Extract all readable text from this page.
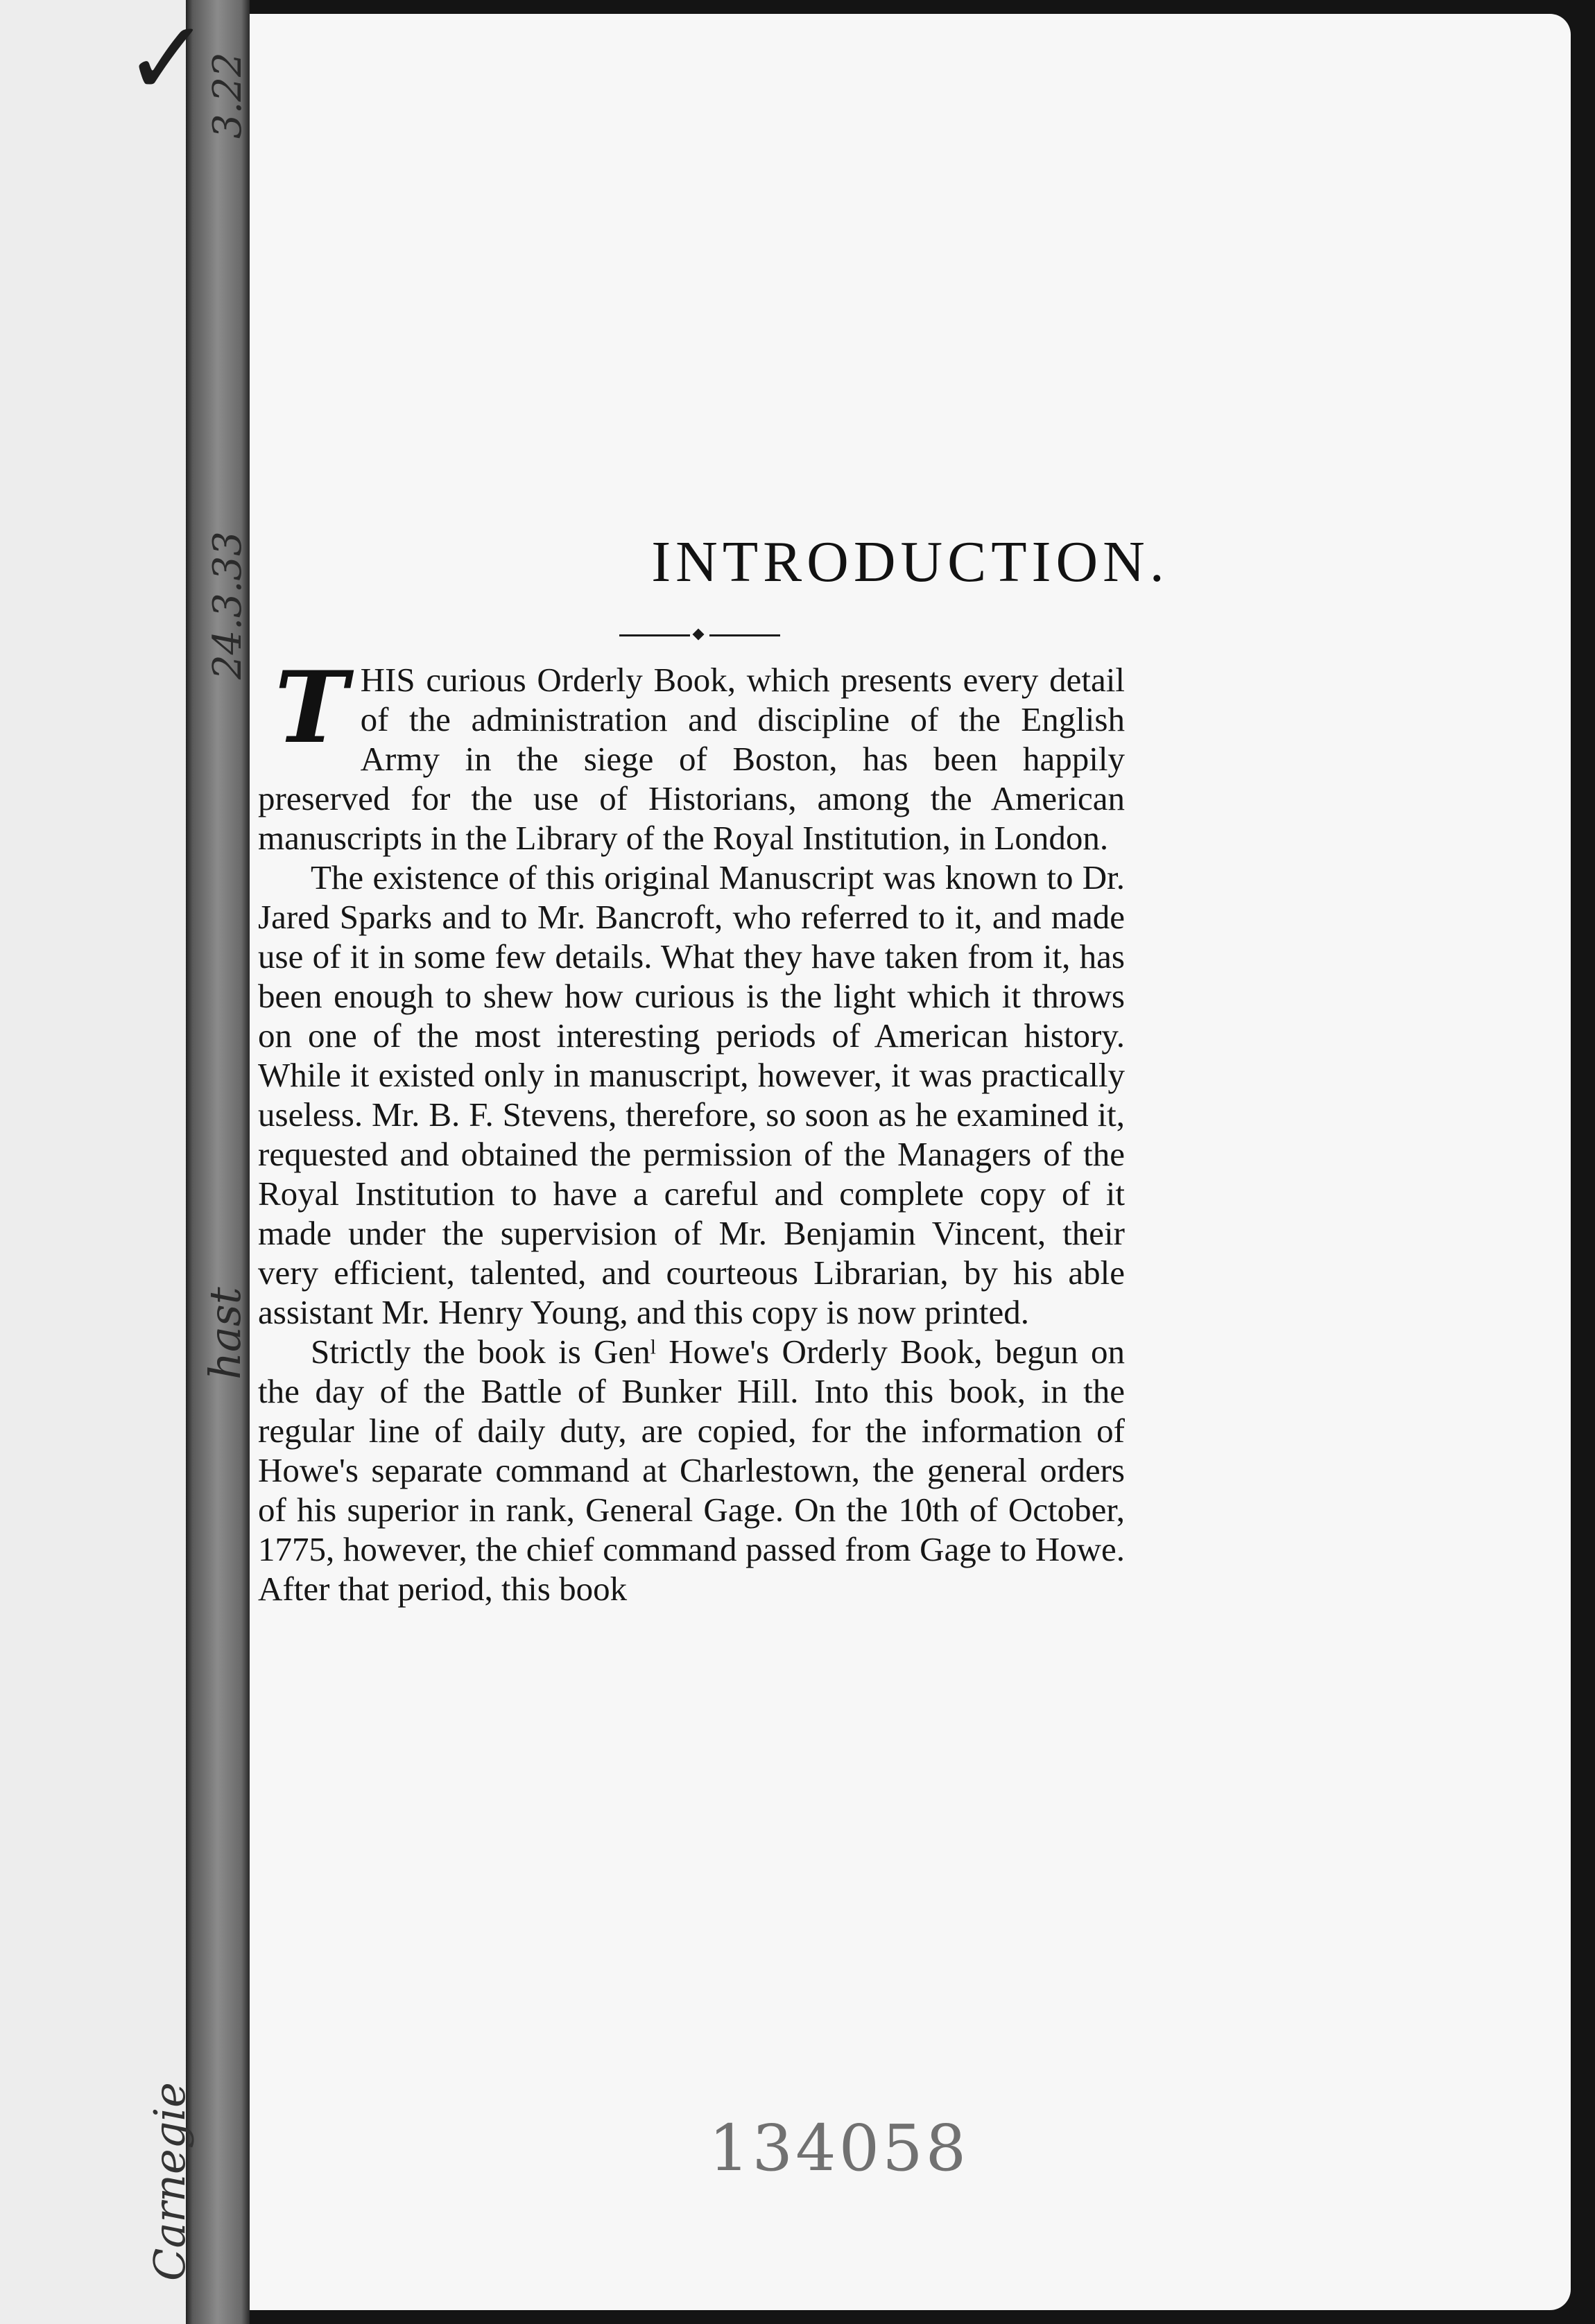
✓
3.22
24.3.33
hast
Carnegie
INTRODUCTION.

THIS curious Orderly Book, which presents every detail of the administration and discipline of the English Army in the siege of Boston, has been happily preserved for the use of Historians, among the American manuscripts in the Library of the Royal Institution, in London.

The existence of this original Manuscript was known to Dr. Jared Sparks and to Mr. Bancroft, who referred to it, and made use of it in some few details. What they have taken from it, has been enough to shew how curious is the light which it throws on one of the most interesting periods of American history. While it existed only in manuscript, however, it was practically useless. Mr. B. F. Stevens, therefore, so soon as he examined it, requested and obtained the permission of the Managers of the Royal Institution to have a careful and complete copy of it made under the supervision of Mr. Benjamin Vincent, their very efficient, talented, and courteous Librarian, by his able assistant Mr. Henry Young, and this copy is now printed.

Strictly the book is Genˡ Howe's Orderly Book, begun on the day of the Battle of Bunker Hill. Into this book, in the regular line of daily duty, are copied, for the information of Howe's separate command at Charlestown, the general orders of his superior in rank, General Gage. On the 10th of October, 1775, however, the chief command passed from Gage to Howe. After that period, this book

134058
